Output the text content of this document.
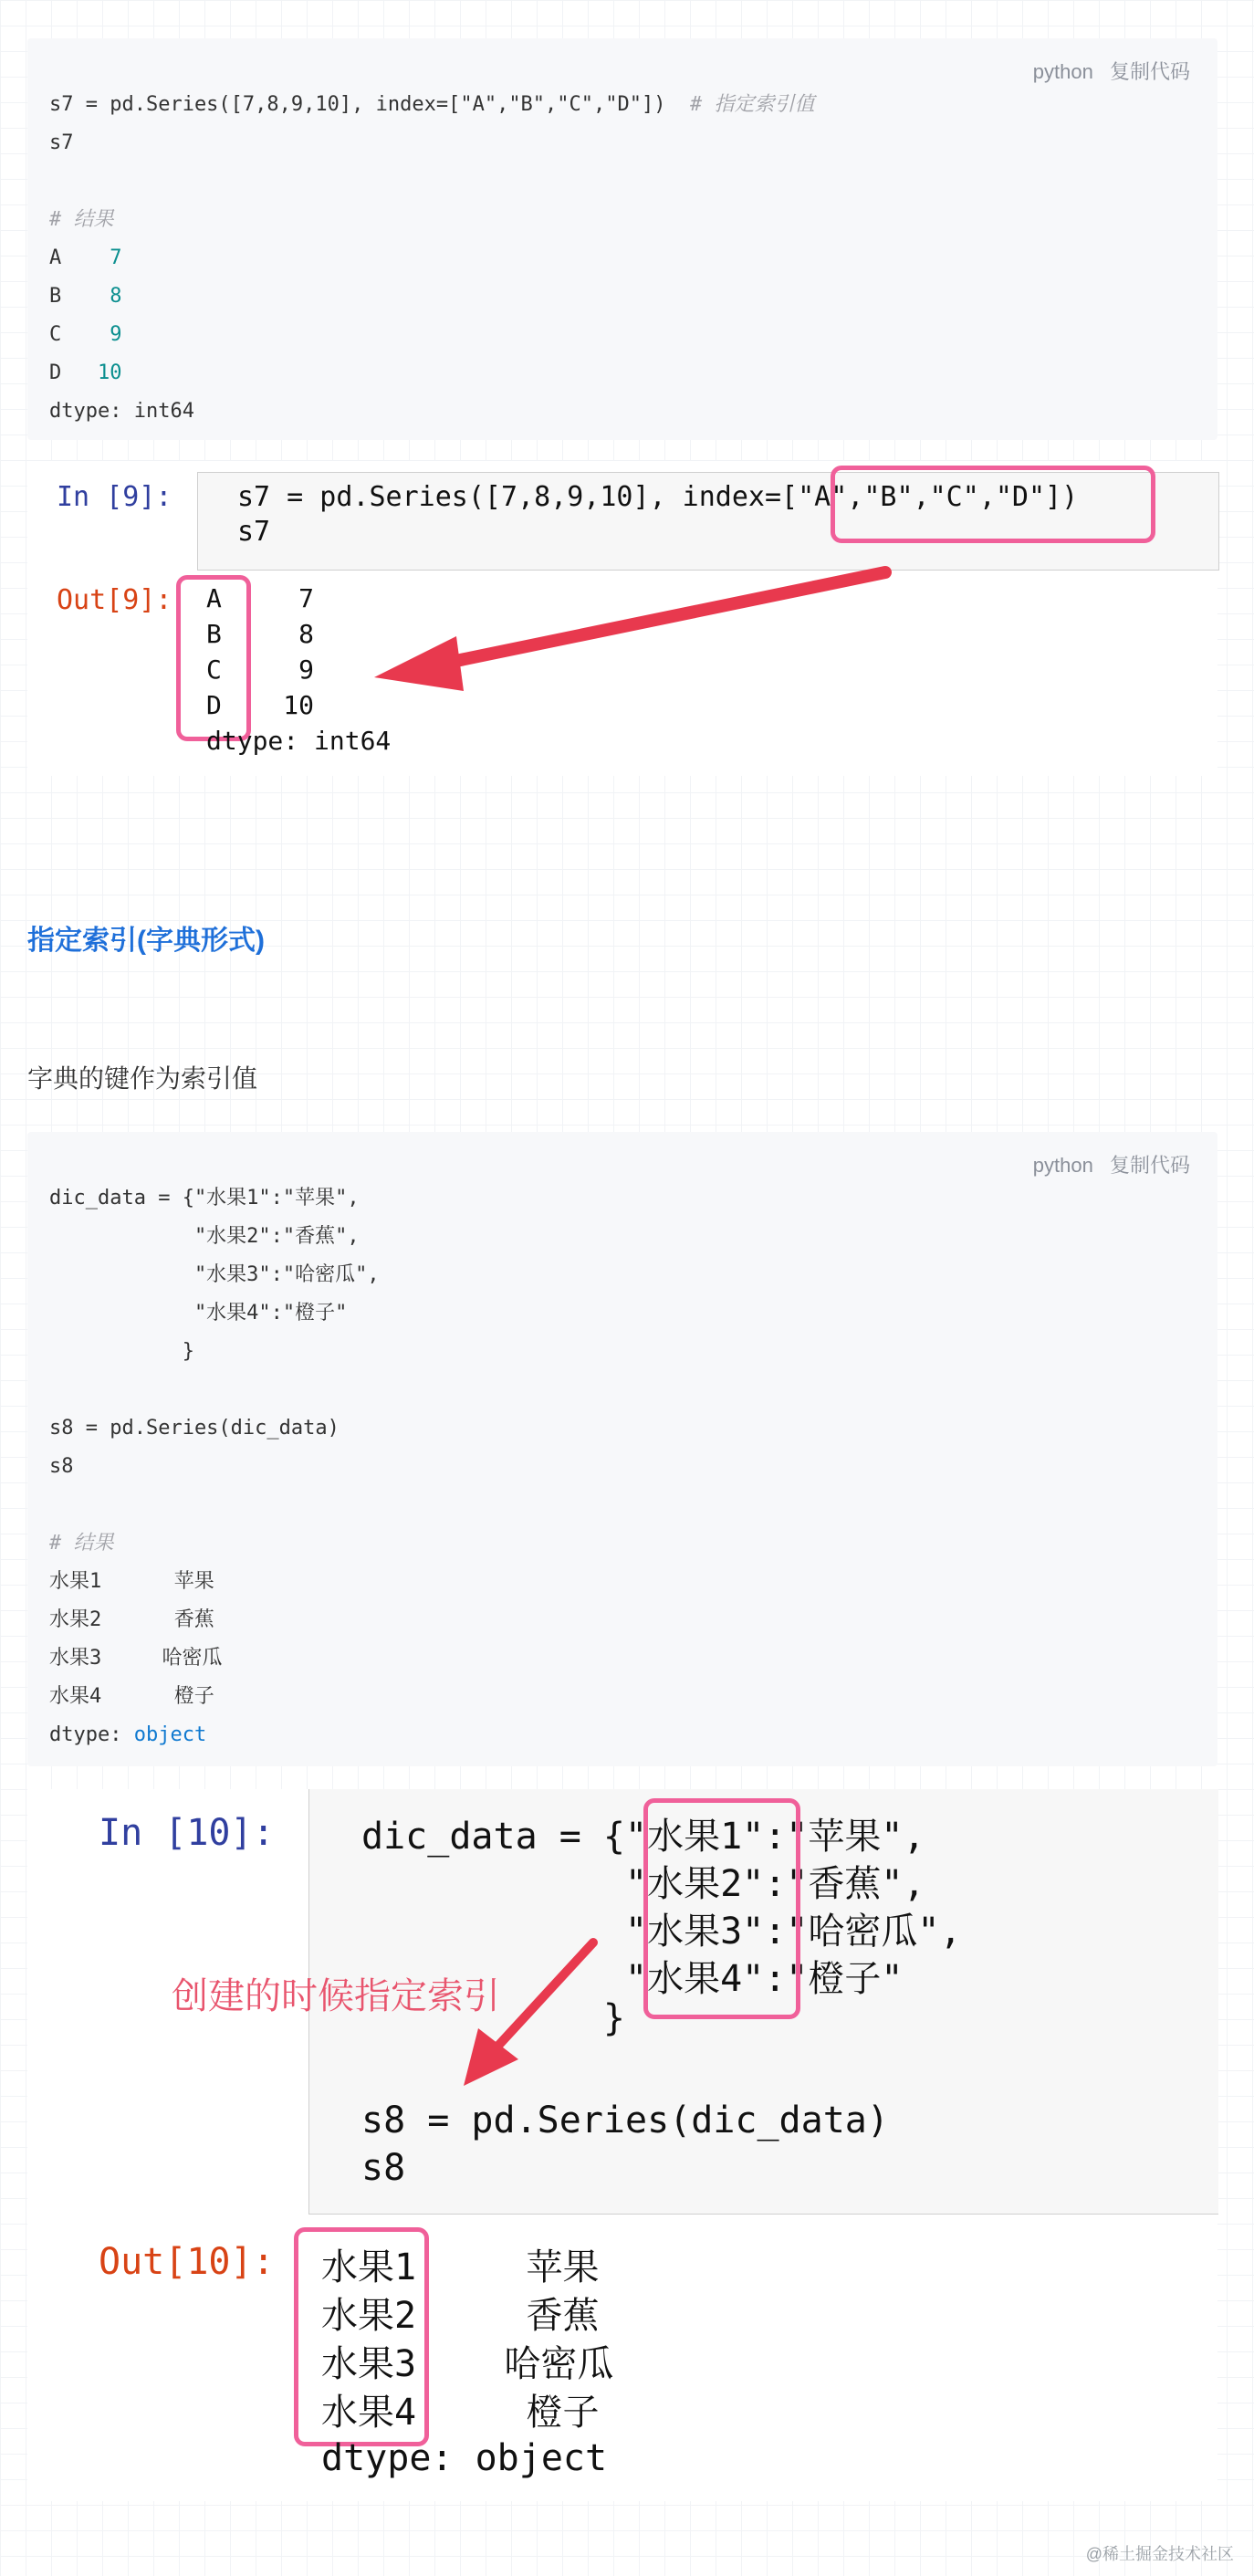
python 复制代码
s7 = pd.Series([7,8,9,10], index=["A","B","C","D"]) # 指定索引值
s7
# 结果
A 7
B 8
C 9
D 10
dtype: int64
In [9]: s7 = pd.Series([7,8,9,10], index=["A","B","C","D"])
s7
Out[9]: A	7
B	8
C	9
D 10
dtype: int64
指定索引(字典形式)
字典的键作为索引值
python 复制代码
dic_data = {"水果1":"苹果",
"水果2":"香蕉",
"水果3":"哈密瓜",
"水果4":"橙子"
}
s8 = pd.Series(dic_data)
s8
# 结果
水果1	苹果
水果2	香蕉
水果3	哈密瓜
水果4	橙子
dtype: object
In [10]: dic_data = {"水果1":"苹果",
"水果2":"香蕉",
"水果3":"哈密瓜",
"水果4":"橙子"
}
s8 = pd.Series(dic_data)
s8
创建的时候指定索引
Out[10]: 水果1	苹果
水果2	香蕉
水果3 哈密瓜
水果4	橙子
dtype: object
@稀土掘金技术社区
